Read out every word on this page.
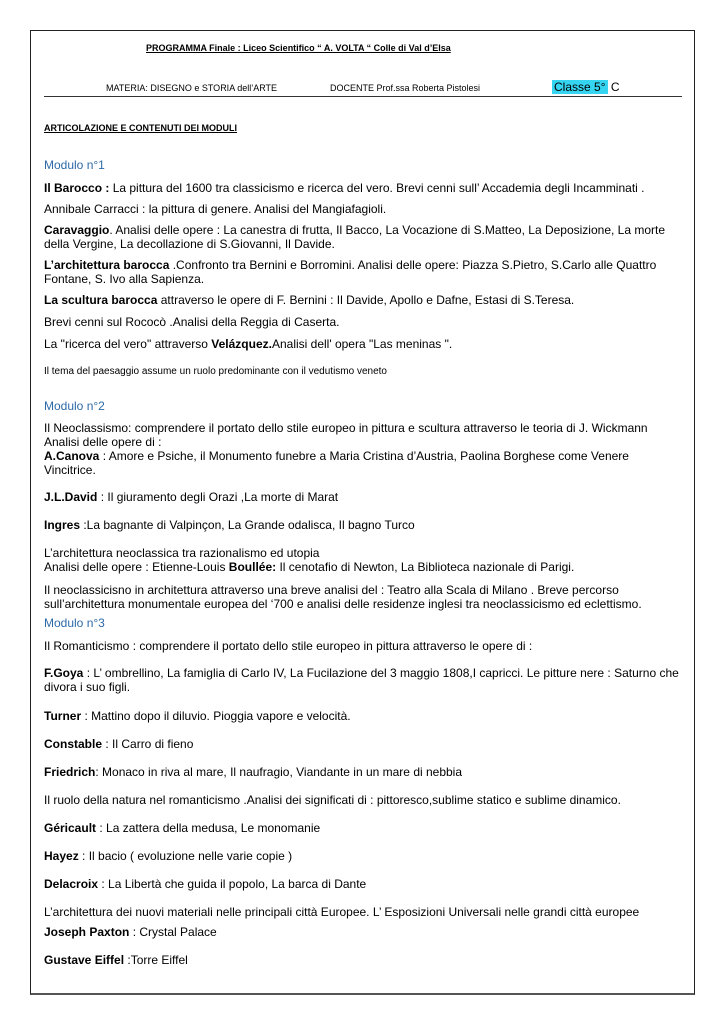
PROGRAMMA Finale : Liceo Scientifico “ A. VOLTA “ Colle di Val d’Elsa
MATERIA: DISEGNO e STORIA dell’ARTE	DOCENTE Prof.ssa Roberta Pistolesi	Classe 5° C
ARTICOLAZIONE E CONTENUTI DEI MODULI
Modulo n°1
Il Barocco : La pittura del 1600 tra classicismo e ricerca del vero. Brevi cenni sull’ Accademia degli Incamminati .
Annibale Carracci : la pittura di genere. Analisi del Mangiafagioli.
Caravaggio. Analisi delle opere : La canestra di frutta, Il Bacco, La Vocazione di S.Matteo, La Deposizione, La morte della Vergine, La decollazione di S.Giovanni, Il Davide.
L’architettura barocca .Confronto tra Bernini e Borromini. Analisi delle opere: Piazza S.Pietro, S.Carlo alle Quattro Fontane, S. Ivo alla Sapienza.
La scultura barocca attraverso le opere di F. Bernini : Il Davide, Apollo e Dafne, Estasi di S.Teresa.
Brevi cenni sul Rococò .Analisi della Reggia di Caserta.
La "ricerca del vero" attraverso Velázquez.Analisi dell' opera "Las meninas ".
Il tema del paesaggio assume un ruolo predominante con il vedutismo veneto
Modulo n°2
Il Neoclassismo: comprendere il portato dello stile europeo in pittura e scultura attraverso le teoria di J. Wickmann
Analisi delle opere di :
A.Canova : Amore e Psiche, il Monumento funebre a Maria Cristina d’Austria, Paolina Borghese come Venere Vincitrice.
J.L.David : Il giuramento degli Orazi ,La morte di Marat
Ingres :La bagnante di Valpinçon, La Grande odalisca, Il bagno Turco
L’architettura neoclassica tra razionalismo ed utopia
Analisi delle opere : Etienne-Louis Boullée: Il cenotafio di Newton, La Biblioteca nazionale di Parigi.
Il neoclassicisno in architettura attraverso una breve analisi del : Teatro alla Scala di Milano . Breve percorso sull’architettura monumentale europea del ‘700 e analisi delle residenze inglesi tra neoclassicismo ed eclettismo.
Modulo n°3
Il Romanticismo : comprendere il portato dello stile europeo in pittura attraverso le opere di :
F.Goya : L’ ombrellino, La famiglia di Carlo IV, La Fucilazione del 3 maggio 1808,I capricci. Le pitture nere : Saturno che divora i suo figli.
Turner : Mattino dopo il diluvio. Pioggia vapore e velocità.
Constable : Il Carro di fieno
Friedrich: Monaco in riva al mare, Il naufragio, Viandante in un mare di nebbia
Il ruolo della natura nel romanticismo .Analisi dei significati di : pittoresco,sublime statico e sublime dinamico.
Géricault : La zattera della medusa, Le monomanie
Hayez : Il bacio ( evoluzione nelle varie copie )
Delacroix : La Libertà che guida il popolo, La barca di Dante
L’architettura dei nuovi materiali nelle principali città Europee. L’ Esposizioni Universali nelle grandi città europee
Joseph Paxton : Crystal Palace
Gustave Eiffel :Torre Eiffel
